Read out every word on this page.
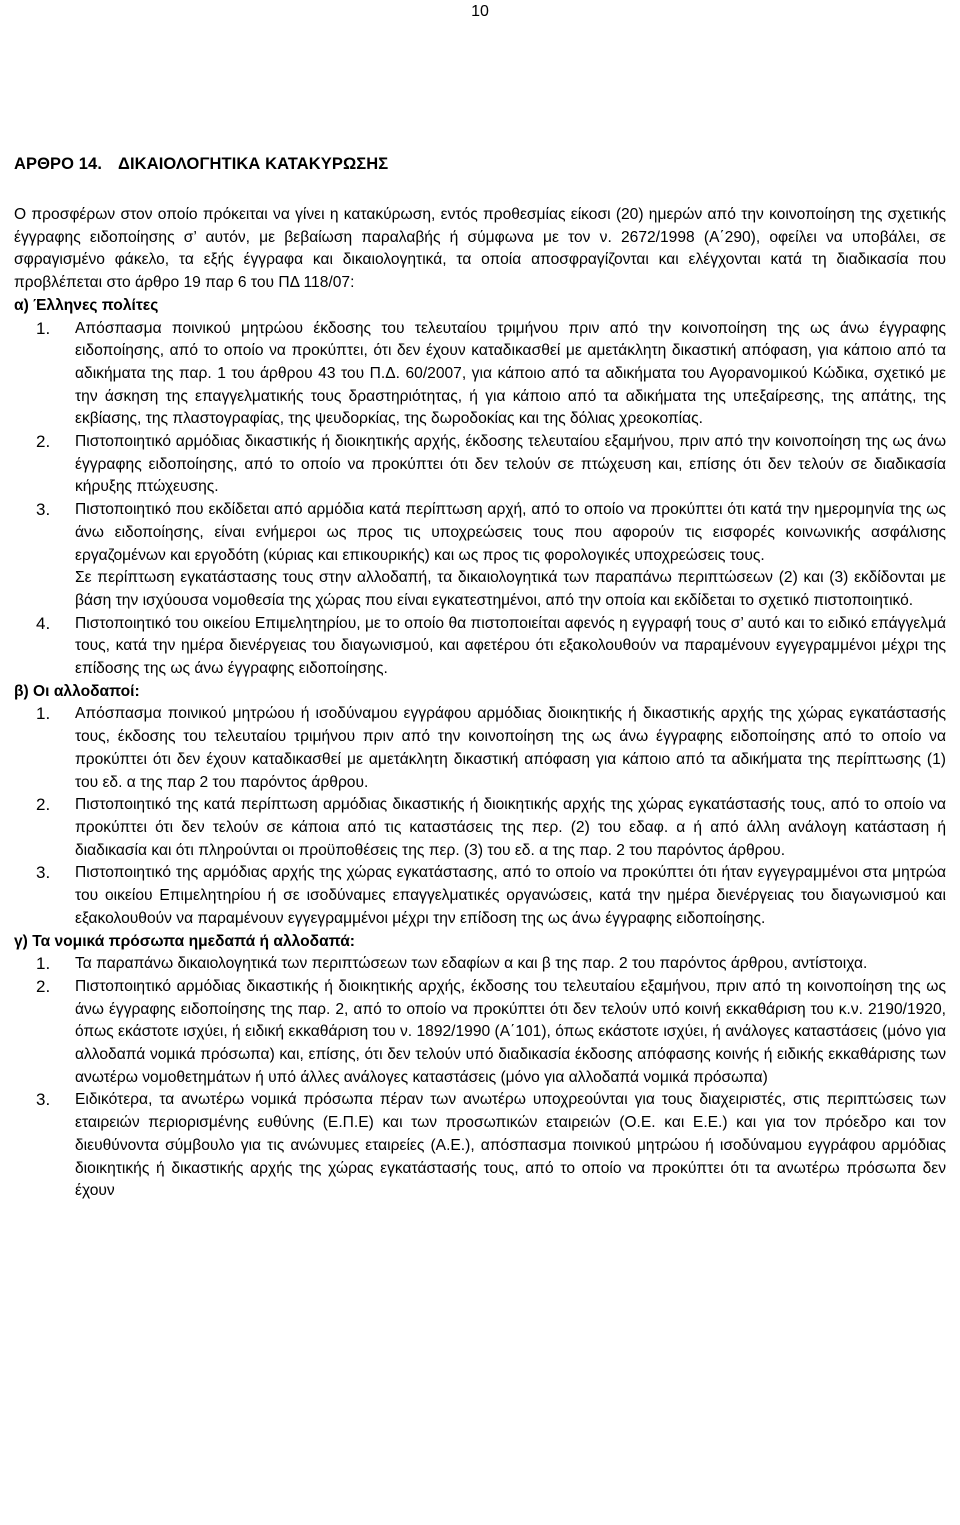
10
ΑΡΘΡΟ 14. ΔΙΚΑΙΟΛΟΓΗΤΙΚΑ ΚΑΤΑΚΥΡΩΣΗΣ

Ο προσφέρων στον οποίο πρόκειται να γίνει η κατακύρωση, εντός προθεσμίας είκοσι (20) ημερών από την κοινοποίηση της σχετικής έγγραφης ειδοποίησης σ’ αυτόν, με βεβαίωση παραλαβής ή σύμφωνα με τον ν. 2672/1998 (Α΄290), οφείλει να υποβάλει, σε σφραγισμένο φάκελο, τα εξής έγγραφα και δικαιολογητικά, τα οποία αποσφραγίζονται και ελέγχονται κατά τη διαδικασία που προβλέπεται στο άρθρο 19 παρ 6 του ΠΔ 118/07:

α) Έλληνες πολίτες

1.	Απόσπασμα ποινικού μητρώου έκδοσης του τελευταίου τριμήνου πριν από την κοινοποίηση της ως άνω έγγραφης ειδοποίησης, από το οποίο να προκύπτει, ότι δεν έχουν καταδικασθεί με αμετάκλητη δικαστική απόφαση, για κάποιο από τα αδικήματα της παρ. 1 του άρθρου 43 του Π.Δ. 60/2007, για κάποιο από τα αδικήματα του Αγορανομικού Κώδικα, σχετικό με την άσκηση της επαγγελματικής τους δραστηριότητας, ή για κάποιο από τα αδικήματα της υπεξαίρεσης, της απάτης, της εκβίασης, της πλαστογραφίας, της ψευδορκίας, της δωροδοκίας και της δόλιας χρεοκοπίας.

2.	Πιστοποιητικό αρμόδιας δικαστικής ή διοικητικής αρχής, έκδοσης τελευταίου εξαμήνου, πριν από την κοινοποίηση της ως άνω έγγραφης ειδοποίησης, από το οποίο να προκύπτει ότι δεν τελούν σε πτώχευση και, επίσης ότι δεν τελούν σε διαδικασία κήρυξης πτώχευσης.

3.	Πιστοποιητικό που εκδίδεται από αρμόδια κατά περίπτωση αρχή, από το οποίο να προκύπτει ότι κατά την ημερομηνία της ως άνω ειδοποίησης, είναι ενήμεροι ως προς τις υποχρεώσεις τους που αφορούν τις εισφορές κοινωνικής ασφάλισης εργαζομένων και εργοδότη (κύριας και επικουρικής) και ως προς τις φορολογικές υποχρεώσεις τους.

Σε περίπτωση εγκατάστασης τους στην αλλοδαπή, τα δικαιολογητικά των παραπάνω περιπτώσεων (2) και (3) εκδίδονται με βάση την ισχύουσα νομοθεσία της χώρας που είναι εγκατεστημένοι, από την οποία και εκδίδεται το σχετικό πιστοποιητικό.

4.	Πιστοποιητικό του οικείου Επιμελητηρίου, με το οποίο θα πιστοποιείται αφενός η εγγραφή τους σ’ αυτό και το ειδικό επάγγελμά τους, κατά την ημέρα διενέργειας του διαγωνισμού, και αφετέρου ότι εξακολουθούν να παραμένουν εγγεγραμμένοι μέχρι της επίδοσης της ως άνω έγγραφης ειδοποίησης.

β) Οι αλλοδαποί:

1.	Απόσπασμα ποινικού μητρώου ή ισοδύναμου εγγράφου αρμόδιας διοικητικής ή δικαστικής αρχής της χώρας εγκατάστασής τους, έκδοσης του τελευταίου τριμήνου πριν από την κοινοποίηση της ως άνω έγγραφης ειδοποίησης από το οποίο να προκύπτει ότι δεν έχουν καταδικασθεί με αμετάκλητη δικαστική απόφαση για κάποιο από τα αδικήματα της περίπτωσης (1) του εδ. α της παρ 2 του παρόντος άρθρου.

2.	Πιστοποιητικό της κατά περίπτωση αρμόδιας δικαστικής ή διοικητικής αρχής της χώρας εγκατάστασής τους, από το οποίο να προκύπτει ότι δεν τελούν σε κάποια από τις καταστάσεις της περ. (2) του εδαφ. α ή από άλλη ανάλογη κατάσταση ή διαδικασία και ότι πληρούνται οι προϋποθέσεις της περ. (3) του εδ. α της παρ. 2 του παρόντος άρθρου.

3.	Πιστοποιητικό της αρμόδιας αρχής της χώρας εγκατάστασης, από το οποίο να προκύπτει ότι ήταν εγγεγραμμένοι στα μητρώα του οικείου Επιμελητηρίου ή σε ισοδύναμες επαγγελματικές οργανώσεις, κατά την ημέρα διενέργειας του διαγωνισμού και εξακολουθούν να παραμένουν εγγεγραμμένοι μέχρι την επίδοση της ως άνω έγγραφης ειδοποίησης.

γ) Τα νομικά πρόσωπα ημεδαπά ή αλλοδαπά:

1.	Τα παραπάνω δικαιολογητικά των περιπτώσεων των εδαφίων α και β της παρ. 2 του παρόντος άρθρου, αντίστοιχα.

2.	Πιστοποιητικό αρμόδιας δικαστικής ή διοικητικής αρχής, έκδοσης του τελευταίου εξαμήνου, πριν από τη κοινοποίηση της ως άνω έγγραφης ειδοποίησης της παρ. 2, από το οποίο να προκύπτει ότι δεν τελούν υπό κοινή εκκαθάριση του κ.ν. 2190/1920, όπως εκάστοτε ισχύει, ή ειδική εκκαθάριση του ν. 1892/1990 (Α΄101), όπως εκάστοτε ισχύει, ή ανάλογες καταστάσεις (μόνο για αλλοδαπά νομικά πρόσωπα) και, επίσης, ότι δεν τελούν υπό διαδικασία έκδοσης απόφασης κοινής ή ειδικής εκκαθάρισης των ανωτέρω νομοθετημάτων ή υπό άλλες ανάλογες καταστάσεις (μόνο για αλλοδαπά νομικά πρόσωπα)

3.	Ειδικότερα, τα ανωτέρω νομικά πρόσωπα πέραν των ανωτέρω υποχρεούνται για τους διαχειριστές, στις περιπτώσεις των εταιρειών περιορισμένης ευθύνης (Ε.Π.Ε) και των προσωπικών εταιρειών (Ο.Ε. και Ε.Ε.) και για τον πρόεδρο και τον διευθύνοντα σύμβουλο για τις ανώνυμες εταιρείες (Α.Ε.), απόσπασμα ποινικού μητρώου ή ισοδύναμου εγγράφου αρμόδιας διοικητικής ή δικαστικής αρχής της χώρας εγκατάστασής τους, από το οποίο να προκύπτει ότι τα ανωτέρω πρόσωπα δεν έχουν
